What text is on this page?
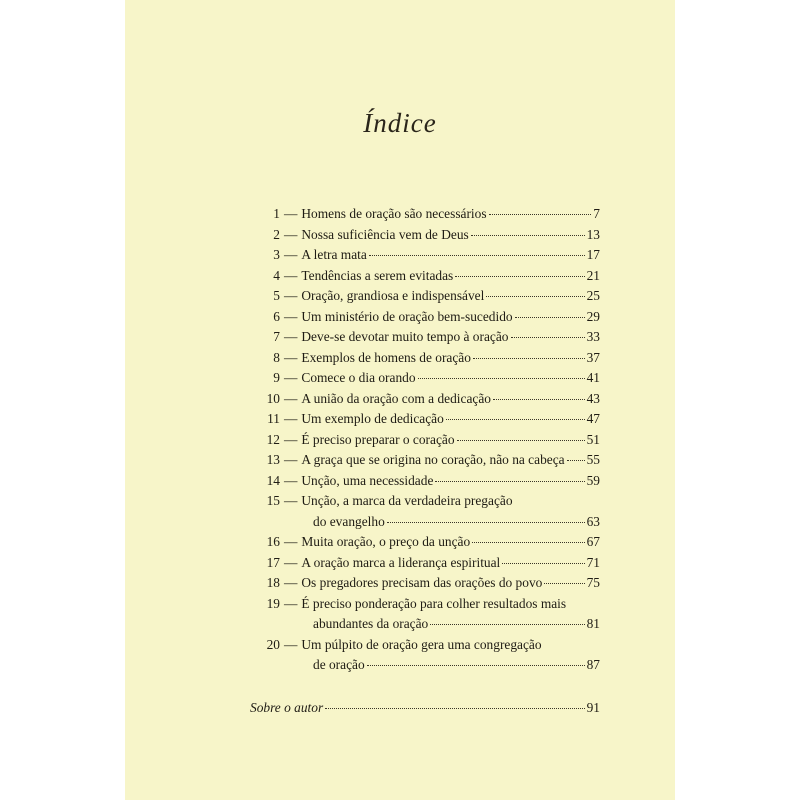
Índice
1 — Homens de oração são necessários	7
2 — Nossa suficiência vem de Deus	13
3 — A letra mata	17
4 — Tendências a serem evitadas	21
5 — Oração, grandiosa e indispensável	25
6 — Um ministério de oração bem-sucedido	29
7 — Deve-se devotar muito tempo à oração	33
8 — Exemplos de homens de oração	37
9 — Comece o dia orando	41
10 — A união da oração com a dedicação	43
11 — Um exemplo de dedicação	47
12 — É preciso preparar o coração	51
13 — A graça que se origina no coração, não na cabeça 55
14 — Unção, uma necessidade	59
15 — Unção, a marca da verdadeira pregação
do evangelho	63
16 — Muita oração, o preço da unção	67
17 — A oração marca a liderança espiritual	71
18 — Os pregadores precisam das orações do povo	75
19 — É preciso ponderação para colher resultados mais
abundantes da oração	81
20 — Um púlpito de oração gera uma congregação
de oração	87
Sobre o autor	91
